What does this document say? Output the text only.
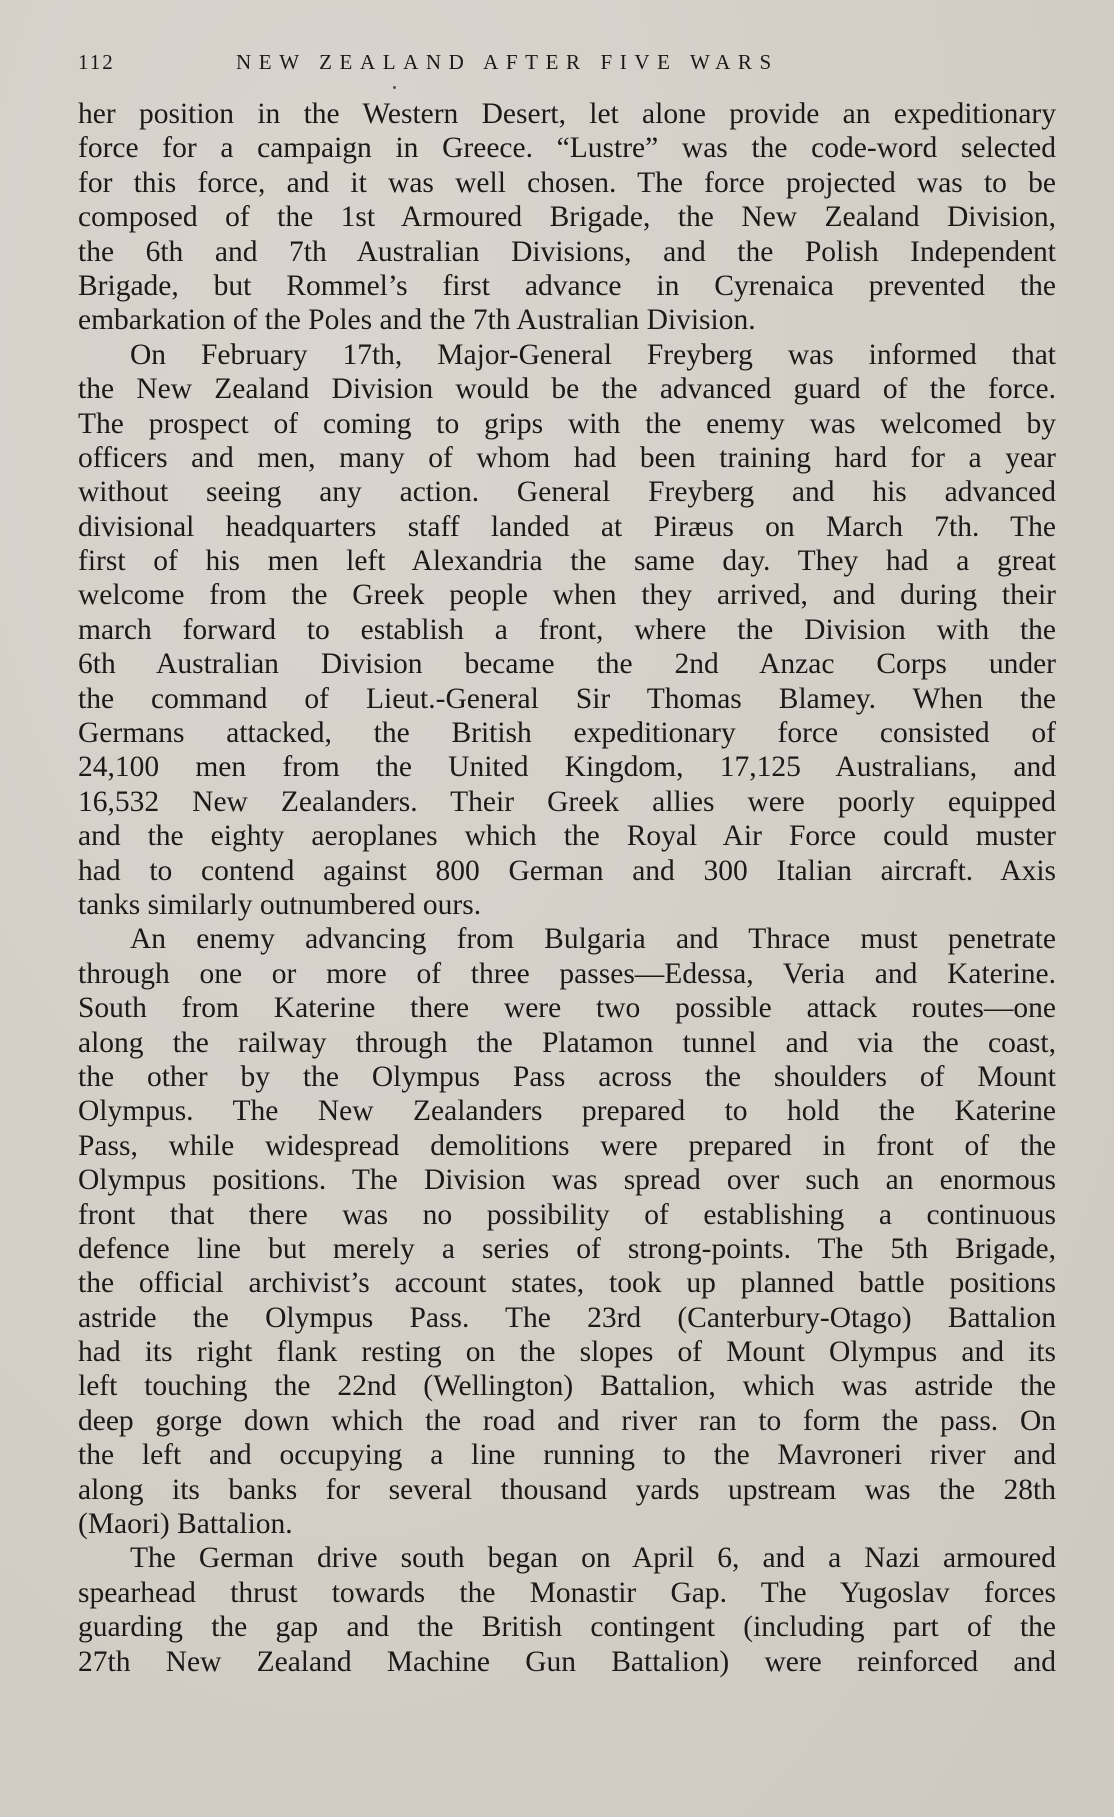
112	NEW ZEALAND AFTER FIVE WARS
her position in the Western Desert, let alone provide an expeditionary
force for a campaign in Greece. “Lustre” was the code-word selected
for this force, and it was well chosen. The force projected was to be
composed of the 1st Armoured Brigade, the New Zealand Division,
the 6th and 7th Australian Divisions, and the Polish Independent
Brigade, but Rommel’s first advance in Cyrenaica prevented the
embarkation of the Poles and the 7th Australian Division.
On February 17th, Major-General Freyberg was informed that
the New Zealand Division would be the advanced guard of the force.
The prospect of coming to grips with the enemy was welcomed by
officers and men, many of whom had been training hard for a year
without seeing any action. General Freyberg and his advanced
divisional headquarters staff landed at Piræus on March 7th. The
first of his men left Alexandria the same day. They had a great
welcome from the Greek people when they arrived, and during their
march forward to establish a front, where the Division with the
6th Australian Division became the 2nd Anzac Corps under
the command of Lieut.-General Sir Thomas Blamey. When the
Germans attacked, the British expeditionary force consisted of
24,100 men from the United Kingdom, 17,125 Australians, and
16,532 New Zealanders. Their Greek allies were poorly equipped
and the eighty aeroplanes which the Royal Air Force could muster
had to contend against 800 German and 300 Italian aircraft. Axis
tanks similarly outnumbered ours.
An enemy advancing from Bulgaria and Thrace must penetrate
through one or more of three passes—Edessa, Veria and Katerine.
South from Katerine there were two possible attack routes—one
along the railway through the Platamon tunnel and via the coast,
the other by the Olympus Pass across the shoulders of Mount
Olympus. The New Zealanders prepared to hold the Katerine
Pass, while widespread demolitions were prepared in front of the
Olympus positions. The Division was spread over such an enormous
front that there was no possibility of establishing a continuous
defence line but merely a series of strong-points. The 5th Brigade,
the official archivist’s account states, took up planned battle positions
astride the Olympus Pass. The 23rd (Canterbury-Otago) Battalion
had its right flank resting on the slopes of Mount Olympus and its
left touching the 22nd (Wellington) Battalion, which was astride the
deep gorge down which the road and river ran to form the pass. On
the left and occupying a line running to the Mavroneri river and
along its banks for several thousand yards upstream was the 28th
(Maori) Battalion.
The German drive south began on April 6, and a Nazi armoured
spearhead thrust towards the Monastir Gap. The Yugoslav forces
guarding the gap and the British contingent (including part of the
27th New Zealand Machine Gun Battalion) were reinforced and
